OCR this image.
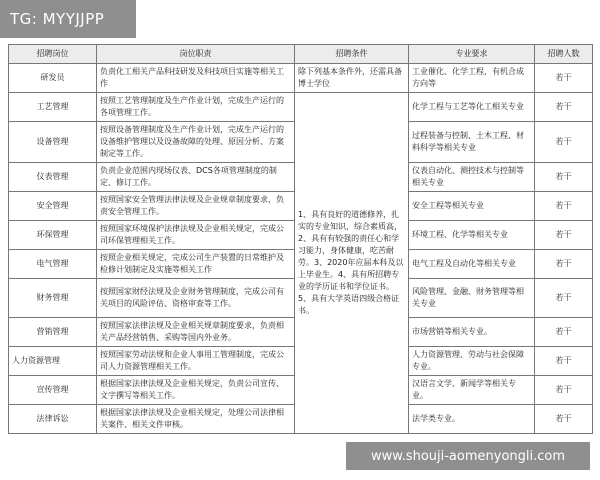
TG: MYYJJPP
招聘岗位	岗位职责	招聘条件	专业要求	招聘人数
研发员	负责化工相关产品科技研发及科技项目实施等相关工作	除下列基本条件外，还需具备博士学位	工业催化、化学工程，有机合成方向等	若干
工艺管理	按照工艺管理制度及生产作业计划，完成生产运行的各项管理工作。	1、具有良好的道德修养，扎实的专业知识，综合素质高，2、具有有较强的责任心和学习能力，身体健康，吃苦耐劳。3、2020年应届本科及以上毕业生。4、具有所招聘专业的学历证书和学位证书。5、具有大学英语四级合格证书。	化学工程与工艺等化工相关专业	若干
设备管理	按照设备管理制度及生产作业计划，完成生产运行的设备维护管理以及设备故障的处理、原因分析、方案制定等工作。		过程装备与控制、土木工程、材料科学等相关专业	若干
仪表管理	负责企业范围内现场仪表、DCS各项管理制度的制定、修订工作。		仪表自动化、测控技术与控制等相关专业	若干
安全管理	按照国家安全管理法律法规及企业规章制度要求，负责安全管理工作。		安全工程等相关专业	若干
环保管理	按照国家环境保护法律法规及企业相关规定，完成公司环保管理相关工作。		环境工程、化学等相关专业	若干
电气管理	按照企业相关规定，完成公司生产装置的日常维护及检修计划制定及实施等相关工作		电气工程及自动化等相关专业	若干
财务管理	按照国家财经法规及企业财务管理制度，完成公司有关项目的风险评估、资格审查等工作。		风险管理、金融、财务管理等相关专业	若干
营销管理	按照国家法律法规及企业相关规章制度要求，负责相关产品经营销售、采购等国内外业务。		市场营销等相关专业。	若干
人力资源管理	按照国家劳动法规和企业人事用工管理制度，完成公司人力资源管理相关工作。		人力资源管理、劳动与社会保障专业。	若干
宣传管理	根据国家法律法规及企业相关规定，负责公司宣传、文字撰写等相关工作。		汉语言文学、新闻学等相关专业。	若干
法律诉讼	根据国家法律法规及企业相关规定，处理公司法律相关案件、相关文件审核。		法学类专业。	若干
www.shouji-aomenyongli.com
